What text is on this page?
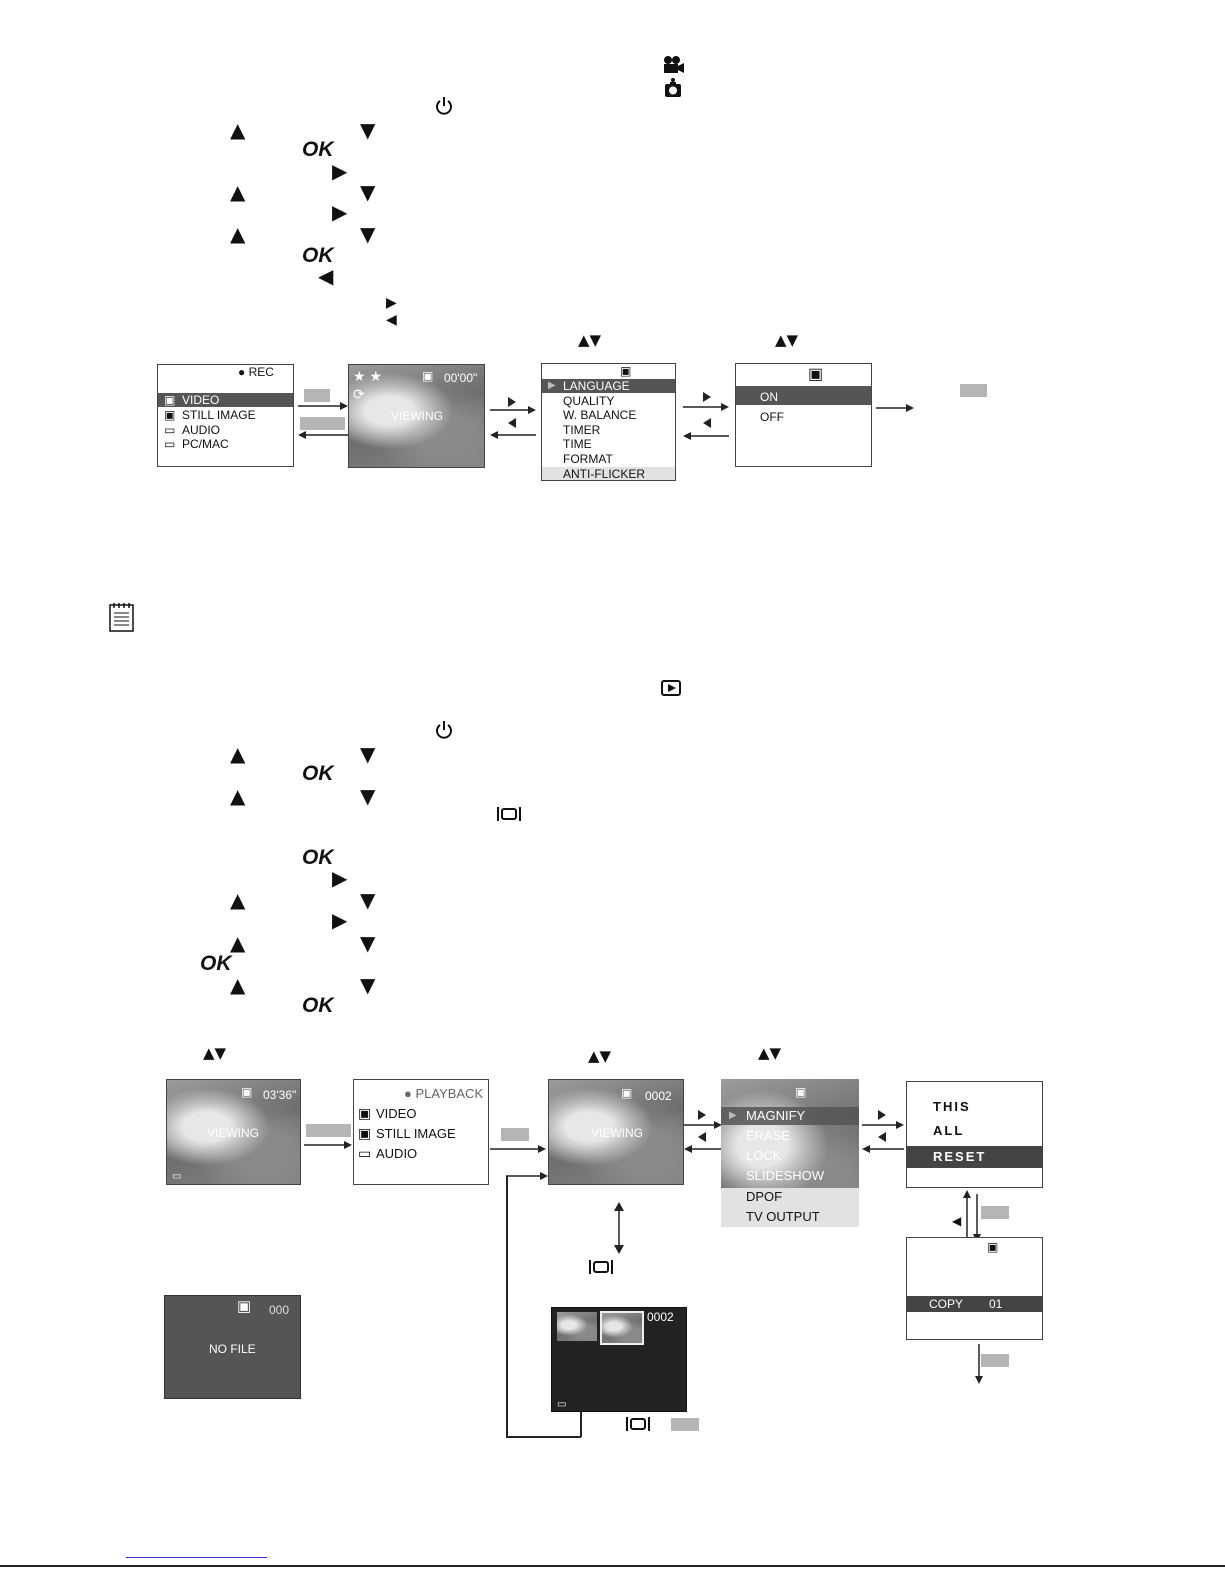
▲	▼
OK
▶
▲	▼
▶
▲	▼
OK
◀
▶
◀
▲▼	▲▼
● REC
▣ VIDEO
▣ STILL IMAGE
▭ AUDIO
▭ PC/MAC
★ ★	▣ 00'00"
⟳
VIEWING
▣
▶ LANGUAGE
QUALITY
W. BALANCE
TIMER
TIME
FORMAT
ANTI-FLICKER
▣
ON
OFF
▲	▼
OK
▲	▼
OK
▶
▲	▼
▶
▲	▼
OK
▲	▼
OK
▲▼	▲▼	▲▼
▣ 03'36"
VIEWING
▭
● PLAYBACK
▣ VIDEO
▣ STILL IMAGE
▭ AUDIO
▣ 0002
VIEWING
▣
▶ MAGNIFY
ERASE
LOCK
SLIDESHOW
DPOF
TV OUTPUT
THIS
ALL
RESET
◀
▣
COPY 01
▣ 000
NO FILE
0002
▭
